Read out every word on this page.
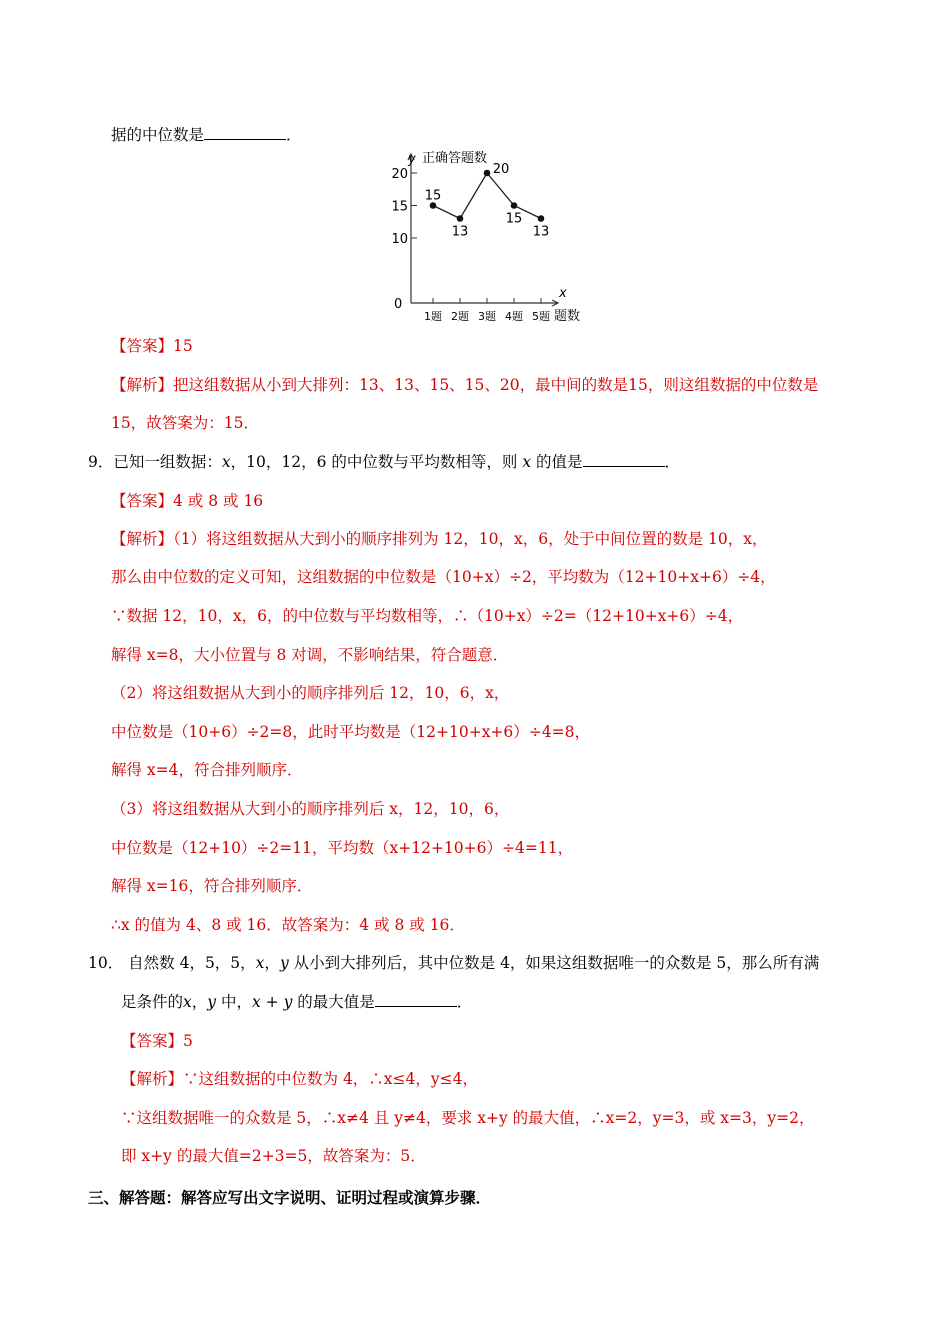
据的中位数是	．
y 正确答题数
x
题数
0
10
15
20
1题 2题 3题 4题 5题
15
13
20
15
13
【答案】15
【解析】把这组数据从小到大排列：13、13、15、15、20，最中间的数是15，则这组数据的中位数是
15，故答案为：15．
9．已知一组数据：x，10，12，6 的中位数与平均数相等，则 x 的值是	．
【答案】4 或 8 或 16
【解析】（1）将这组数据从大到小的顺序排列为 12，10，x，6，处于中间位置的数是 10，x，
那么由中位数的定义可知，这组数据的中位数是（10+x）÷2，平均数为（12+10+x+6）÷4，
∵数据 12，10，x，6，的中位数与平均数相等，∴（10+x）÷2=（12+10+x+6）÷4，
解得 x=8，大小位置与 8 对调，不影响结果，符合题意．
（2）将这组数据从大到小的顺序排列后 12，10，6，x，
中位数是（10+6）÷2=8，此时平均数是（12+10+x+6）÷4=8，
解得 x=4，符合排列顺序．
（3）将这组数据从大到小的顺序排列后 x，12，10，6，
中位数是（12+10）÷2=11，平均数（x+12+10+6）÷4=11，
解得 x=16，符合排列顺序．
∴x 的值为 4、8 或 16．故答案为：4 或 8 或 16．
10． 自然数 4，5，5，x，y 从小到大排列后，其中位数是 4，如果这组数据唯一的众数是 5，那么所有满
足条件的x，y 中，x + y 的最大值是	．
【答案】5
【解析】∵这组数据的中位数为 4，∴x≤4，y≤4，
∵这组数据唯一的众数是 5，∴x≠4 且 y≠4，要求 x+y 的最大值，∴x=2，y=3，或 x=3，y=2，
即 x+y 的最大值=2+3=5，故答案为：5．
三、解答题：解答应写出文字说明、证明过程或演算步骤．
